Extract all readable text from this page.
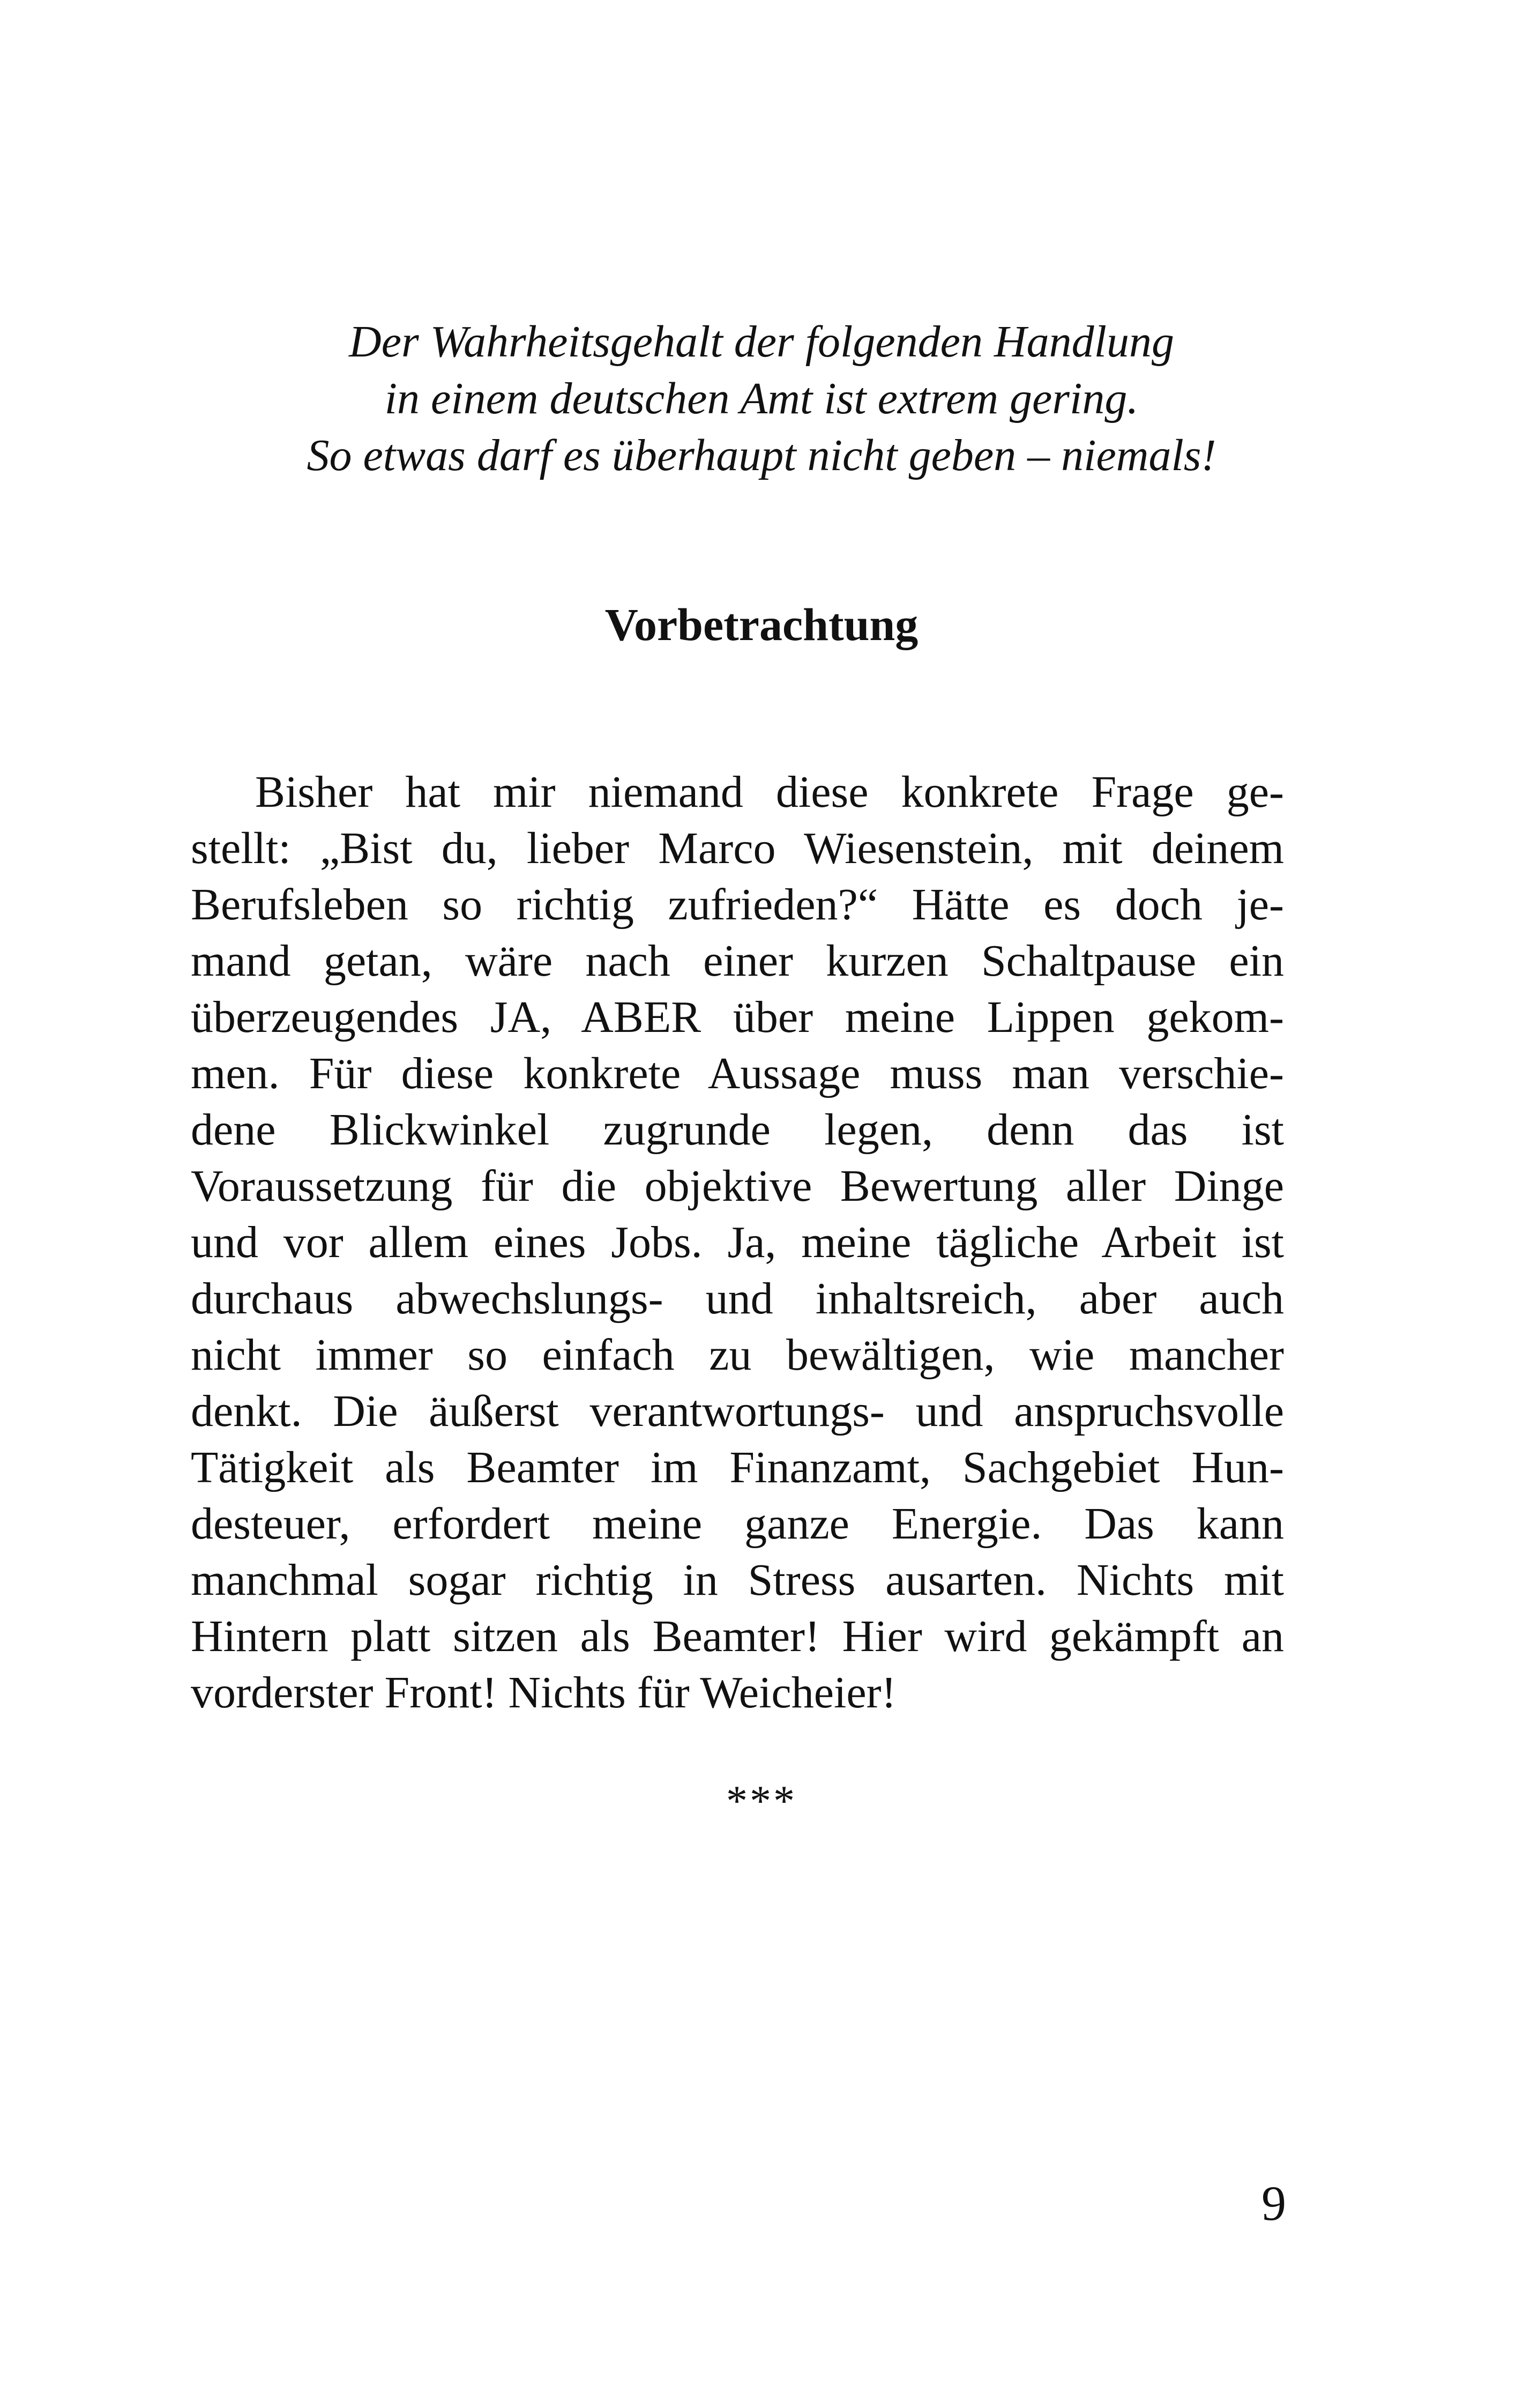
Der Wahrheitsgehalt der folgenden Handlung
in einem deutschen Amt ist extrem gering.
So etwas darf es überhaupt nicht geben – niemals!
Vorbetrachtung
Bisher hat mir niemand diese konkrete Frage ge-
stellt: „Bist du, lieber Marco Wiesenstein, mit deinem
Berufsleben so richtig zufrieden?“ Hätte es doch je-
mand getan, wäre nach einer kurzen Schaltpause ein
überzeugendes JA, ABER über meine Lippen gekom-
men. Für diese konkrete Aussage muss man verschie-
dene Blickwinkel zugrunde legen, denn das ist
Voraussetzung für die objektive Bewertung aller Dinge
und vor allem eines Jobs. Ja, meine tägliche Arbeit ist
durchaus abwechslungs- und inhaltsreich, aber auch
nicht immer so einfach zu bewältigen, wie mancher
denkt. Die äußerst verantwortungs- und anspruchsvolle
Tätigkeit als Beamter im Finanzamt, Sachgebiet Hun-
desteuer, erfordert meine ganze Energie. Das kann
manchmal sogar richtig in Stress ausarten. Nichts mit
Hintern platt sitzen als Beamter! Hier wird gekämpft an
vorderster Front! Nichts für Weicheier!
***
9
